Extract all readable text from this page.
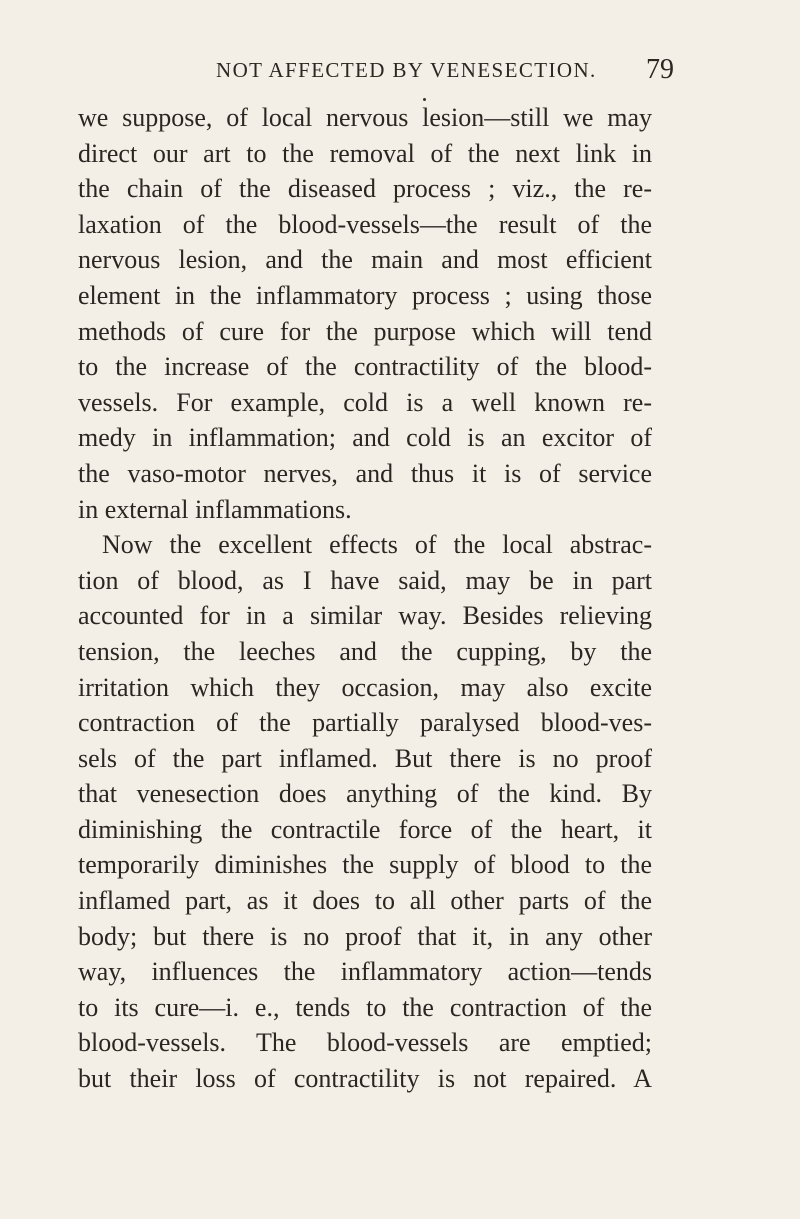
NOT AFFECTED BY VENESECTION. 79
we suppose, of local nervous lesion—still we may
direct our art to the removal of the next link in
the chain of the diseased process ; viz., the re-
laxation of the blood-vessels—the result of the
nervous lesion, and the main and most efficient
element in the inflammatory process ; using those
methods of cure for the purpose which will tend
to the increase of the contractility of the blood-
vessels. For example, cold is a well known re-
medy in inflammation; and cold is an excitor of
the vaso-motor nerves, and thus it is of service
in external inflammations.
Now the excellent effects of the local abstrac-
tion of blood, as I have said, may be in part
accounted for in a similar way. Besides relieving
tension, the leeches and the cupping, by the
irritation which they occasion, may also excite
contraction of the partially paralysed blood-ves-
sels of the part inflamed. But there is no proof
that venesection does anything of the kind. By
diminishing the contractile force of the heart, it
temporarily diminishes the supply of blood to the
inflamed part, as it does to all other parts of the
body; but there is no proof that it, in any other
way, influences the inflammatory action—tends
to its cure—i. e., tends to the contraction of the
blood-vessels. The blood-vessels are emptied;
but their loss of contractility is not repaired. A
